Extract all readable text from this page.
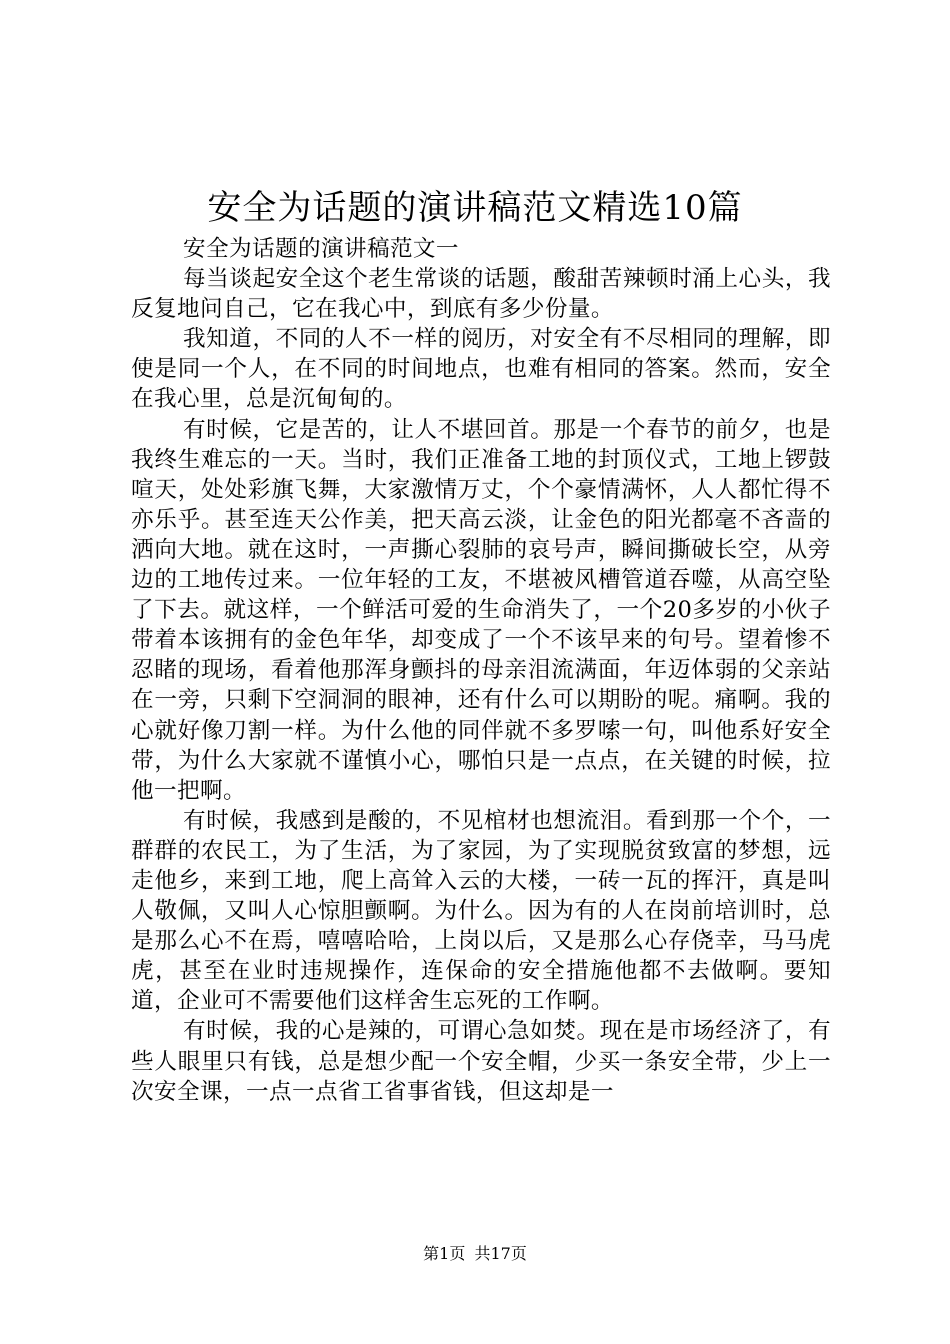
安全为话题的演讲稿范文精选10篇

安全为话题的演讲稿范文一

每当谈起安全这个老生常谈的话题，酸甜苦辣顿时涌上心头，我反复地问自己，它在我心中，到底有多少份量。

我知道，不同的人不一样的阅历，对安全有不尽相同的理解，即使是同一个人，在不同的时间地点，也难有相同的答案。然而，安全在我心里，总是沉甸甸的。

有时候，它是苦的，让人不堪回首。那是一个春节的前夕，也是我终生难忘的一天。当时，我们正准备工地的封顶仪式，工地上锣鼓喧天，处处彩旗飞舞，大家激情万丈，个个豪情满怀，人人都忙得不亦乐乎。甚至连天公作美，把天高云淡，让金色的阳光都毫不吝啬的洒向大地。就在这时，一声撕心裂肺的哀号声，瞬间撕破长空，从旁边的工地传过来。一位年轻的工友，不堪被风槽管道吞噬，从高空坠了下去。就这样，一个鲜活可爱的生命消失了，一个20多岁的小伙子带着本该拥有的金色年华，却变成了一个不该早来的句号。望着惨不忍睹的现场，看着他那浑身颤抖的母亲泪流满面，年迈体弱的父亲站在一旁，只剩下空洞洞的眼神，还有什么可以期盼的呢。痛啊。我的心就好像刀割一样。为什么他的同伴就不多罗嗦一句，叫他系好安全带，为什么大家就不谨慎小心，哪怕只是一点点，在关键的时候，拉他一把啊。

有时候，我感到是酸的，不见棺材也想流泪。看到那一个个，一群群的农民工，为了生活，为了家园，为了实现脱贫致富的梦想，远走他乡，来到工地，爬上高耸入云的大楼，一砖一瓦的挥汗，真是叫人敬佩，又叫人心惊胆颤啊。为什么。因为有的人在岗前培训时，总是那么心不在焉，嘻嘻哈哈，上岗以后，又是那么心存侥幸，马马虎虎，甚至在业时违规操作，连保命的安全措施他都不去做啊。要知道，企业可不需要他们这样舍生忘死的工作啊。

有时候，我的心是辣的，可谓心急如焚。现在是市场经济了，有些人眼里只有钱，总是想少配一个安全帽，少买一条安全带，少上一次安全课，一点一点省工省事省钱，但这却是一

第1页 共17页
